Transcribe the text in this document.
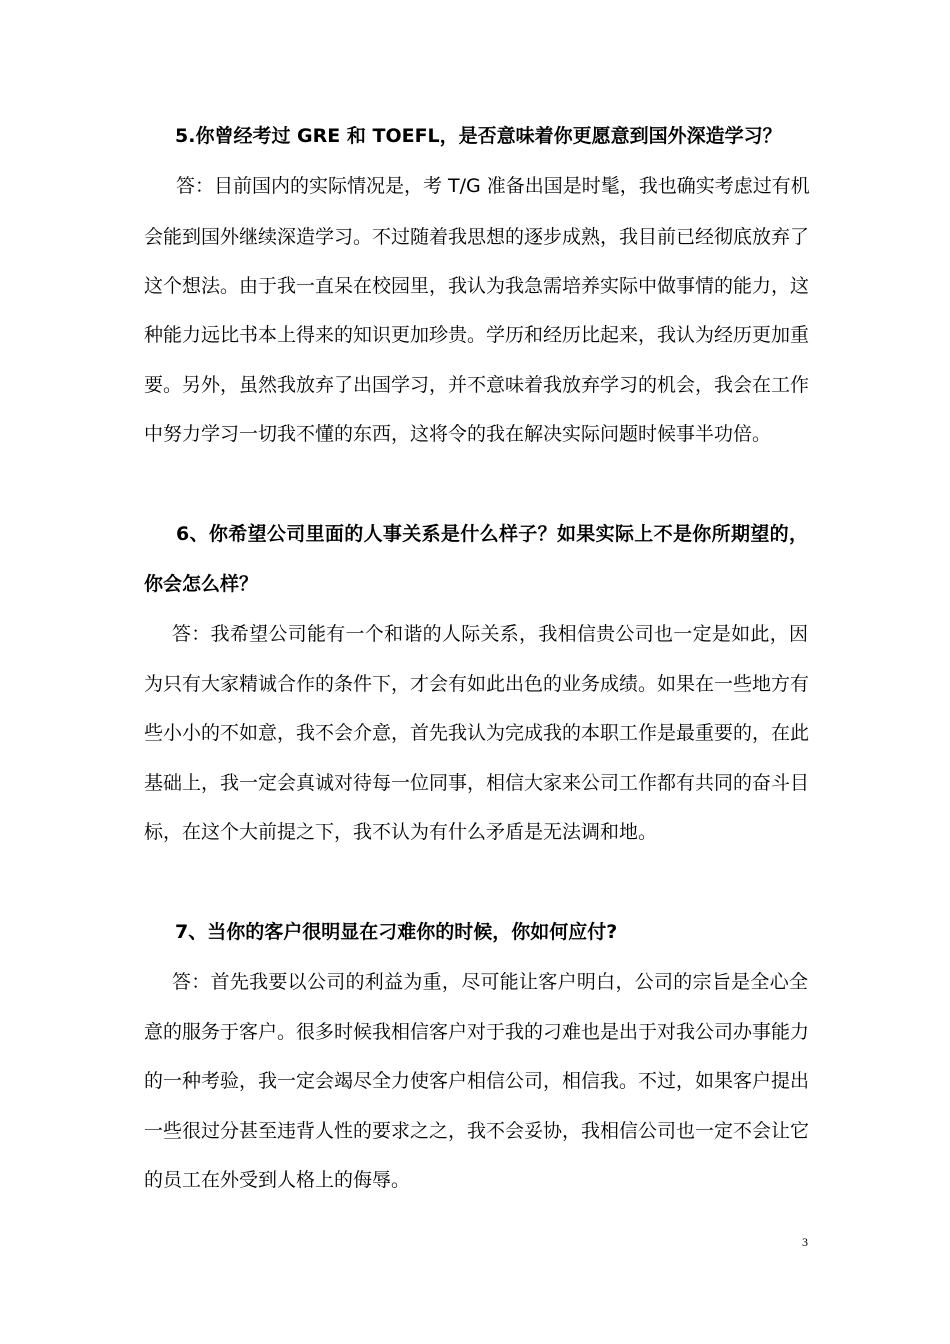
5.你曾经考过 GRE 和 TOEFL，是否意味着你更愿意到国外深造学习？
答：目前国内的实际情况是，考 T/G 准备出国是时髦，我也确实考虑过有机
会能到国外继续深造学习。不过随着我思想的逐步成熟，我目前已经彻底放弃了
这个想法。由于我一直呆在校园里，我认为我急需培养实际中做事情的能力，这
种能力远比书本上得来的知识更加珍贵。学历和经历比起来，我认为经历更加重
要。另外，虽然我放弃了出国学习，并不意味着我放弃学习的机会，我会在工作
中努力学习一切我不懂的东西，这将令的我在解决实际问题时候事半功倍。
6、你希望公司里面的人事关系是什么样子？如果实际上不是你所期望的，
你会怎么样？
答：我希望公司能有一个和谐的人际关系，我相信贵公司也一定是如此，因
为只有大家精诚合作的条件下，才会有如此出色的业务成绩。如果在一些地方有
些小小的不如意，我不会介意，首先我认为完成我的本职工作是最重要的，在此
基础上，我一定会真诚对待每一位同事，相信大家来公司工作都有共同的奋斗目
标，在这个大前提之下，我不认为有什么矛盾是无法调和地。
7、当你的客户很明显在刁难你的时候，你如何应付?
答：首先我要以公司的利益为重，尽可能让客户明白，公司的宗旨是全心全
意的服务于客户。很多时候我相信客户对于我的刁难也是出于对我公司办事能力
的一种考验，我一定会竭尽全力使客户相信公司，相信我。不过，如果客户提出
一些很过分甚至违背人性的要求之之，我不会妥协，我相信公司也一定不会让它
的员工在外受到人格上的侮辱。
3
